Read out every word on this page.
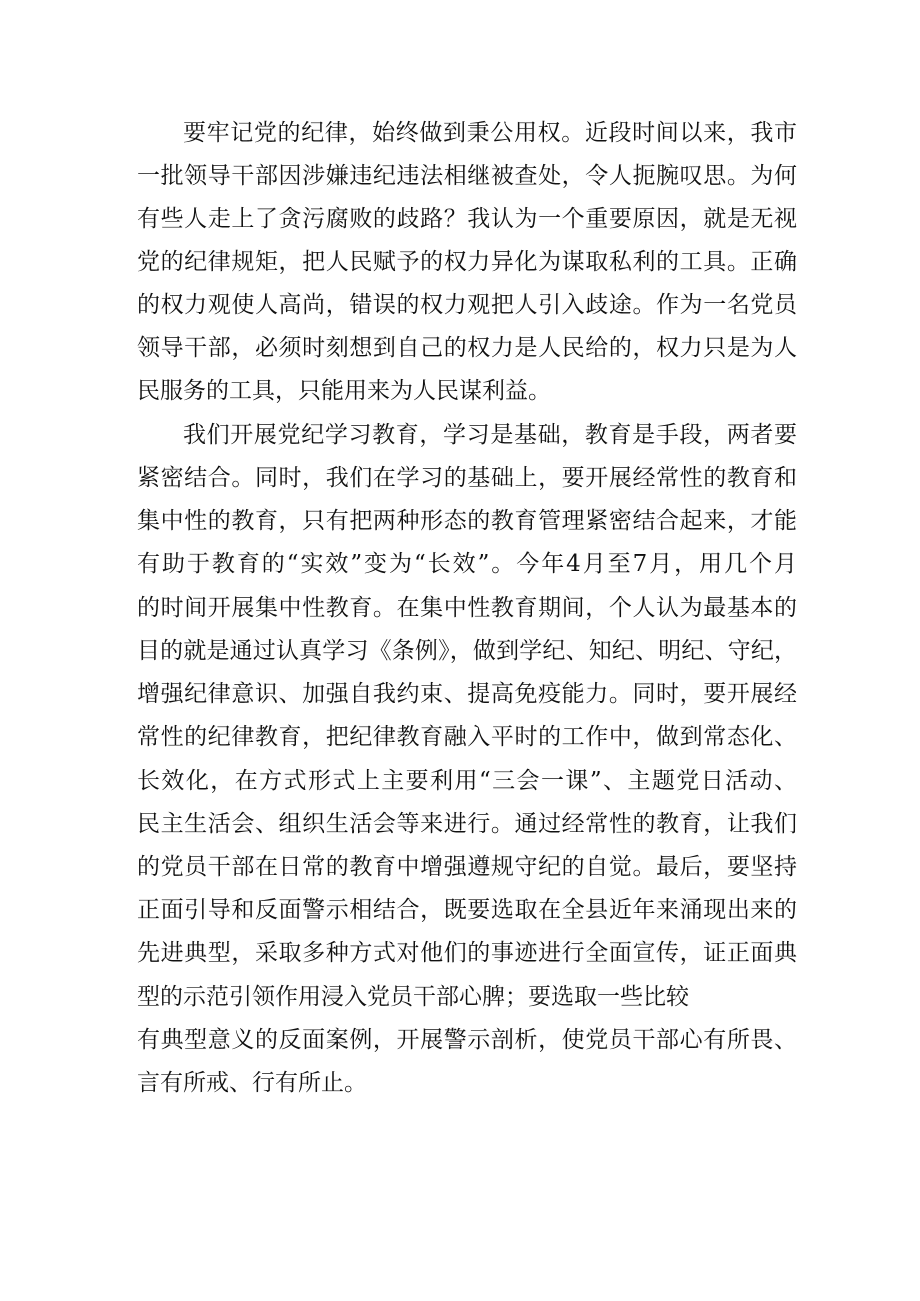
要牢记党的纪律，始终做到秉公用权。近段时间以来，我市
一批领导干部因涉嫌违纪违法相继被查处，令人扼腕叹思。为何
有些人走上了贪污腐败的歧路？我认为一个重要原因，就是无视
党的纪律规矩，把人民赋予的权力异化为谋取私利的工具。正确
的权力观使人高尚，错误的权力观把人引入歧途。作为一名党员
领导干部，必须时刻想到自己的权力是人民给的，权力只是为人
民服务的工具，只能用来为人民谋利益。
我们开展党纪学习教育，学习是基础，教育是手段，两者要
紧密结合。同时，我们在学习的基础上，要开展经常性的教育和
集中性的教育，只有把两种形态的教育管理紧密结合起来，才能
有助于教育的“实效”变为“长效”。今年4月至7月，用几个月
的时间开展集中性教育。在集中性教育期间，个人认为最基本的
目的就是通过认真学习《条例》，做到学纪、知纪、明纪、守纪，
增强纪律意识、加强自我约束、提高免疫能力。同时，要开展经
常性的纪律教育，把纪律教育融入平时的工作中，做到常态化、
长效化，在方式形式上主要利用“三会一课”、主题党日活动、
民主生活会、组织生活会等来进行。通过经常性的教育，让我们
的党员干部在日常的教育中增强遵规守纪的自觉。最后，要坚持
正面引导和反面警示相结合，既要选取在全县近年来涌现出来的
先进典型，采取多种方式对他们的事迹进行全面宣传，证正面典
型的示范引领作用浸入党员干部心脾；要选取一些比较
有典型意义的反面案例，开展警示剖析，使党员干部心有所畏、
言有所戒、行有所止。
